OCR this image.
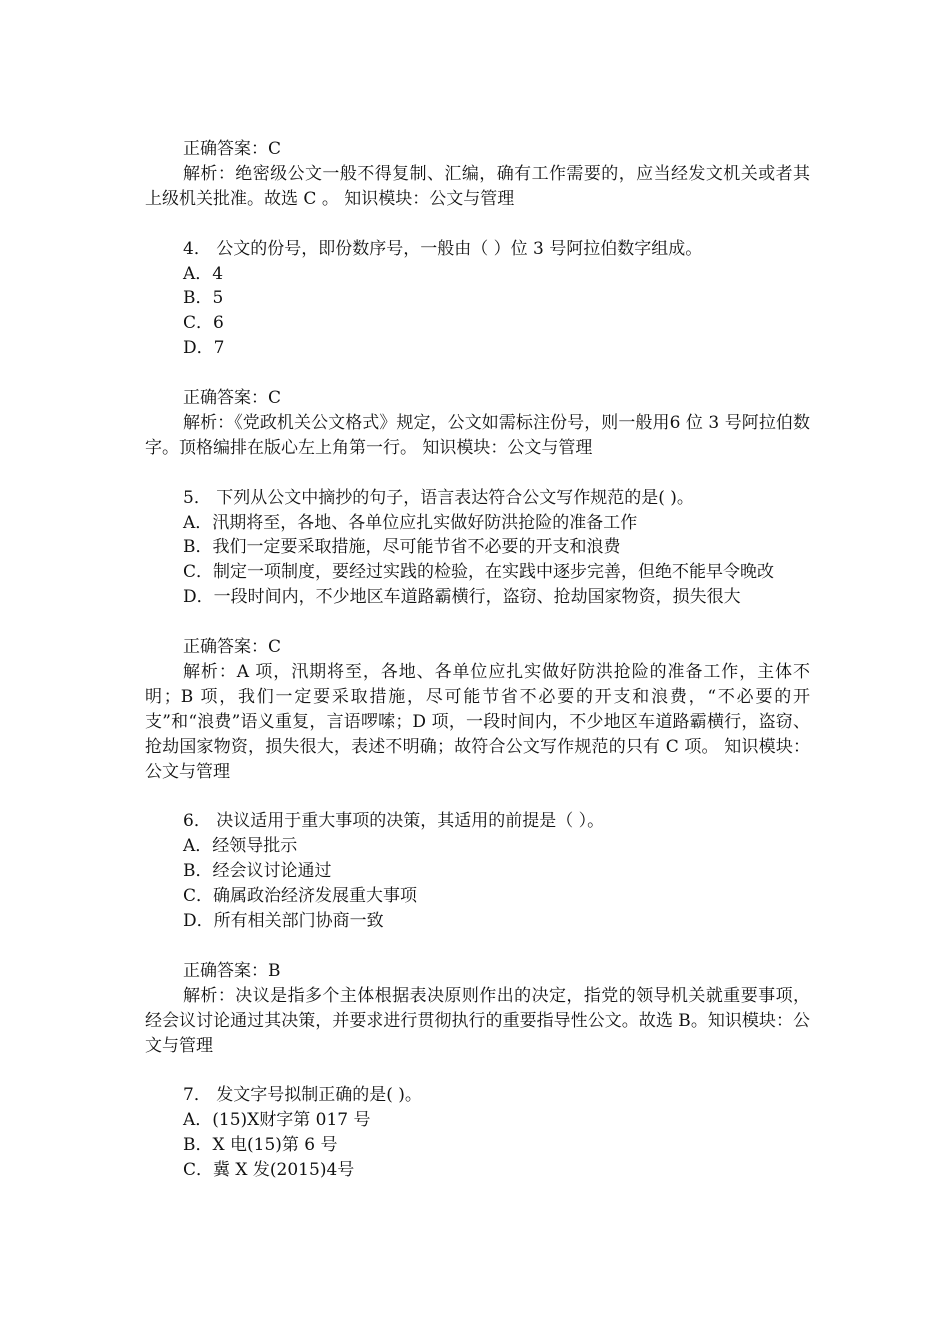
正确答案：C
解析：绝密级公文一般不得复制、汇编，确有工作需要的，应当经发文机关或者其上级机关批准。故选 C 。 知识模块：公文与管理
4． 公文的份号，即份数序号，一般由（ ）位 3 号阿拉伯数字组成。
A．4
B．5
C．6
D．7
正确答案：C
解析：《党政机关公文格式》规定，公文如需标注份号，则一般用6 位 3 号阿拉伯数字。顶格编排在版心左上角第一行。 知识模块：公文与管理
5． 下列从公文中摘抄的句子，语言表达符合公文写作规范的是( )。
A．汛期将至，各地、各单位应扎实做好防洪抢险的准备工作
B．我们一定要采取措施，尽可能节省不必要的开支和浪费
C．制定一项制度，要经过实践的检验，在实践中逐步完善，但绝不能早令晚改
D．一段时间内，不少地区车道路霸横行，盗窃、抢劫国家物资，损失很大
正确答案：C
解析：A 项，汛期将至，各地、各单位应扎实做好防洪抢险的准备工作，主体不明；B 项，我们一定要采取措施，尽可能节省不必要的开支和浪费，“不必要的开支”和“浪费”语义重复，言语啰嗦；D 项，一段时间内，不少地区车道路霸横行，盗窃、抢劫国家物资，损失很大，表述不明确；故符合公文写作规范的只有 C 项。 知识模块：公文与管理
6． 决议适用于重大事项的决策，其适用的前提是（ ）。
A．经领导批示
B．经会议讨论通过
C．确属政治经济发展重大事项
D．所有相关部门协商一致
正确答案：B
解析：决议是指多个主体根据表决原则作出的决定，指党的领导机关就重要事项，经会议讨论通过其决策，并要求进行贯彻执行的重要指导性公文。故选 B。知识模块：公文与管理
7． 发文字号拟制正确的是( )。
A．(15)X财字第 017 号
B．X 电(15)第 6 号
C．冀 X 发(2015)4号
